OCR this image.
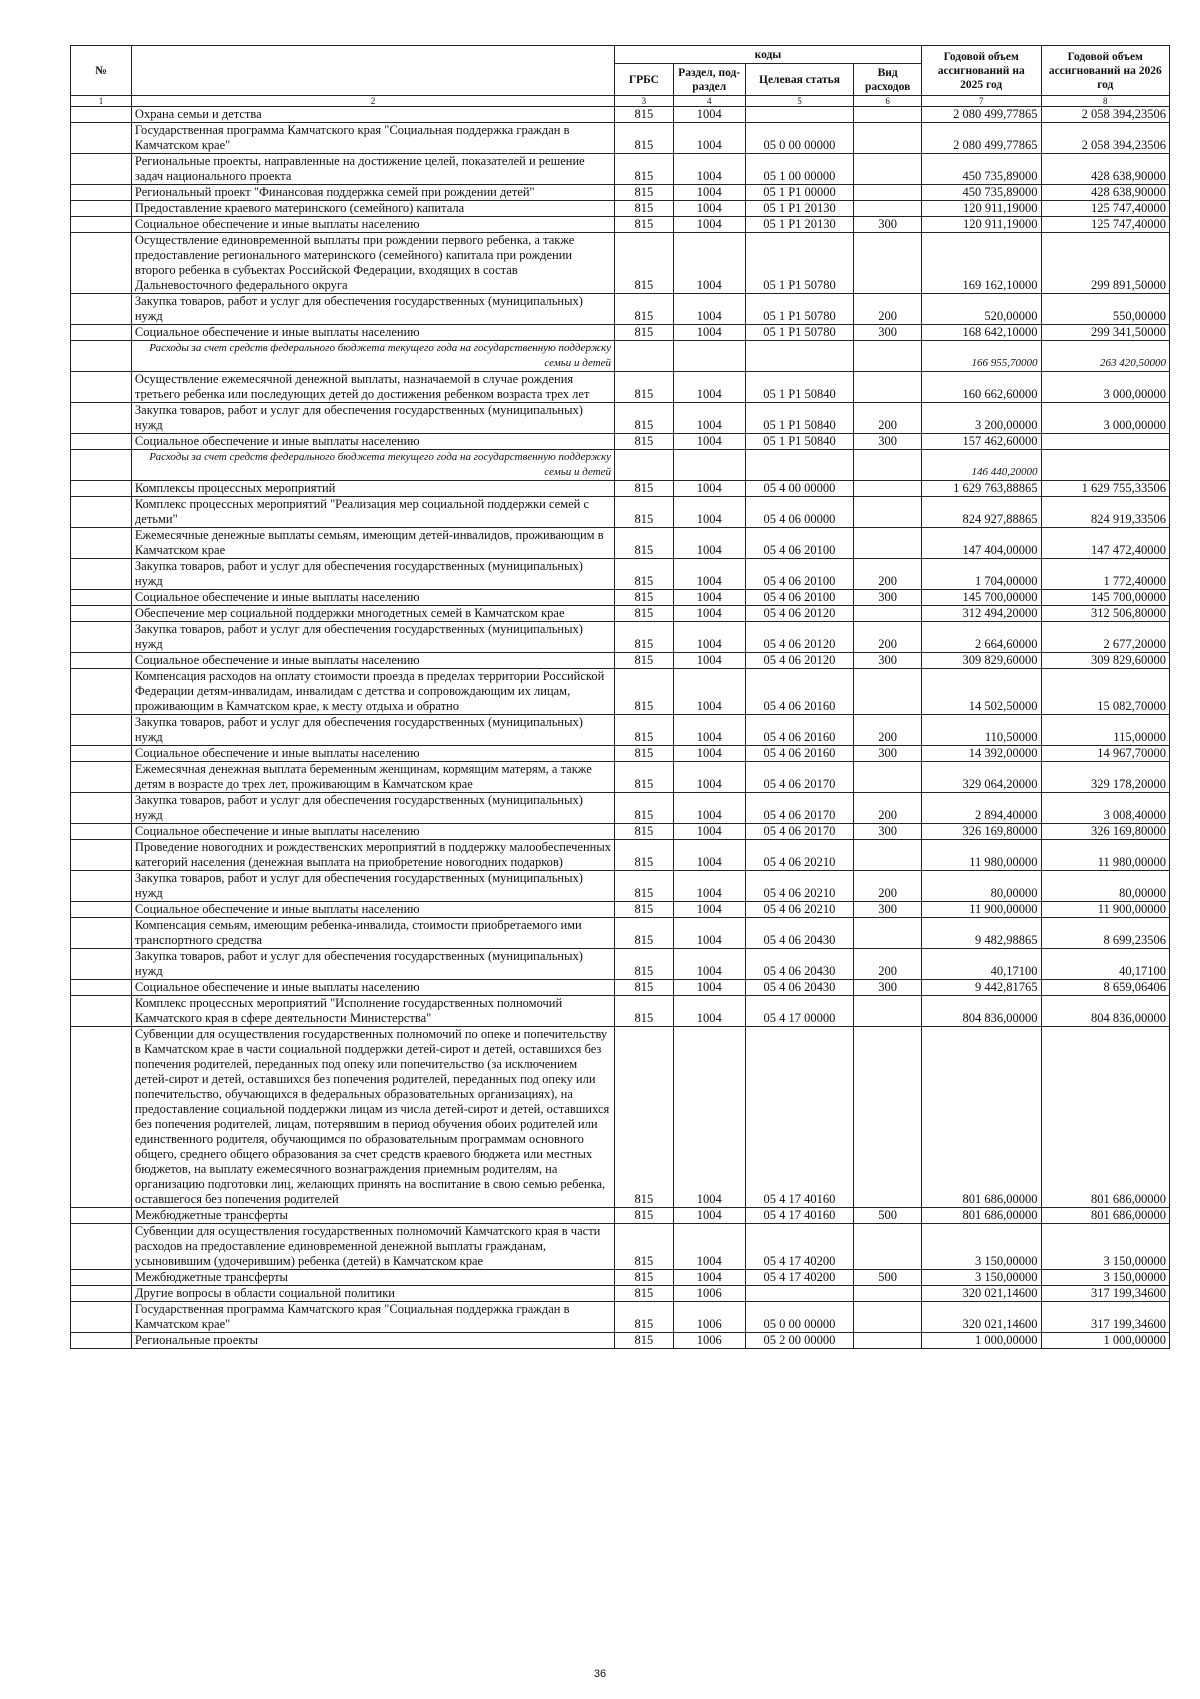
№		коды				Годовой объем ассигнований на 2025 год	Годовой объем ассигнований на 2026 год
		ГРБС	Раздел, под-раздел	Целевая статья	Вид расходов		
1	2	3	4	5	6	7	8
	Охрана семьи и детства	815	1004			2 080 499,77865	2 058 394,23506
	Государственная программа Камчатского края "Социальная поддержка граждан в Камчатском крае"	815	1004	05 0 00 00000		2 080 499,77865	2 058 394,23506
	Региональные проекты, направленные на достижение целей, показателей и решение задач национального проекта	815	1004	05 1 00 00000		450 735,89000	428 638,90000
	Региональный проект "Финансовая поддержка семей при рождении детей"	815	1004	05 1 Р1 00000		450 735,89000	428 638,90000
	Предоставление краевого материнского (семейного) капитала	815	1004	05 1 Р1 20130		120 911,19000	125 747,40000
	Социальное обеспечение и иные выплаты населению	815	1004	05 1 Р1 20130	300	120 911,19000	125 747,40000
	Осуществление единовременной выплаты при рождении первого ребенка, а также предоставление регионального материнского (семейного) капитала при рождении второго ребенка в субъектах Российской Федерации, входящих в состав Дальневосточного федерального округа	815	1004	05 1 Р1 50780		169 162,10000	299 891,50000
	Закупка товаров, работ и услуг для обеспечения государственных (муниципальных) нужд	815	1004	05 1 Р1 50780	200	520,00000	550,00000
	Социальное обеспечение и иные выплаты населению	815	1004	05 1 Р1 50780	300	168 642,10000	299 341,50000
	Расходы за счет средств федерального бюджета текущего года на государственную поддержку семьи и детей					166 955,70000	263 420,50000
	Осуществление ежемесячной денежной выплаты, назначаемой в случае рождения третьего ребенка или последующих детей до достижения ребенком возраста трех лет	815	1004	05 1 Р1 50840		160 662,60000	3 000,00000
	Закупка товаров, работ и услуг для обеспечения государственных (муниципальных) нужд	815	1004	05 1 Р1 50840	200	3 200,00000	3 000,00000
	Социальное обеспечение и иные выплаты населению	815	1004	05 1 Р1 50840	300	157 462,60000	
	Расходы за счет средств федерального бюджета текущего года на государственную поддержку семьи и детей					146 440,20000	
	Комплексы процессных мероприятий	815	1004	05 4 00 00000		1 629 763,88865	1 629 755,33506
	Комплекс процессных мероприятий "Реализация мер социальной поддержки семей с детьми"	815	1004	05 4 06 00000		824 927,88865	824 919,33506
	Ежемесячные денежные выплаты семьям, имеющим детей-инвалидов, проживающим в Камчатском крае	815	1004	05 4 06 20100		147 404,00000	147 472,40000
	Закупка товаров, работ и услуг для обеспечения государственных (муниципальных) нужд	815	1004	05 4 06 20100	200	1 704,00000	1 772,40000
	Социальное обеспечение и иные выплаты населению	815	1004	05 4 06 20100	300	145 700,00000	145 700,00000
	Обеспечение мер социальной поддержки многодетных семей в Камчатском крае	815	1004	05 4 06 20120		312 494,20000	312 506,80000
	Закупка товаров, работ и услуг для обеспечения государственных (муниципальных) нужд	815	1004	05 4 06 20120	200	2 664,60000	2 677,20000
	Социальное обеспечение и иные выплаты населению	815	1004	05 4 06 20120	300	309 829,60000	309 829,60000
	Компенсация расходов на оплату стоимости проезда в пределах территории Российской Федерации детям-инвалидам, инвалидам с детства и сопровождающим их лицам, проживающим в Камчатском крае, к месту отдыха и обратно	815	1004	05 4 06 20160		14 502,50000	15 082,70000
	Закупка товаров, работ и услуг для обеспечения государственных (муниципальных) нужд	815	1004	05 4 06 20160	200	110,50000	115,00000
	Социальное обеспечение и иные выплаты населению	815	1004	05 4 06 20160	300	14 392,00000	14 967,70000
	Ежемесячная денежная выплата беременным женщинам, кормящим матерям, а также детям в возрасте до трех лет, проживающим в Камчатском крае	815	1004	05 4 06 20170		329 064,20000	329 178,20000
	Закупка товаров, работ и услуг для обеспечения государственных (муниципальных) нужд	815	1004	05 4 06 20170	200	2 894,40000	3 008,40000
	Социальное обеспечение и иные выплаты населению	815	1004	05 4 06 20170	300	326 169,80000	326 169,80000
	Проведение новогодних и рождественских мероприятий в поддержку малообеспеченных категорий населения (денежная выплата на приобретение новогодних подарков)	815	1004	05 4 06 20210		11 980,00000	11 980,00000
	Закупка товаров, работ и услуг для обеспечения государственных (муниципальных) нужд	815	1004	05 4 06 20210	200	80,00000	80,00000
	Социальное обеспечение и иные выплаты населению	815	1004	05 4 06 20210	300	11 900,00000	11 900,00000
	Компенсация семьям, имеющим ребенка-инвалида, стоимости приобретаемого ими транспортного средства	815	1004	05 4 06 20430		9 482,98865	8 699,23506
	Закупка товаров, работ и услуг для обеспечения государственных (муниципальных) нужд	815	1004	05 4 06 20430	200	40,17100	40,17100
	Социальное обеспечение и иные выплаты населению	815	1004	05 4 06 20430	300	9 442,81765	8 659,06406
	Комплекс процессных мероприятий "Исполнение государственных полномочий Камчатского края в сфере деятельности Министерства"	815	1004	05 4 17 00000		804 836,00000	804 836,00000
	Субвенции для осуществления государственных полномочий по опеке и попечительству в Камчатском крае в части социальной поддержки детей-сирот и детей, оставшихся без попечения родителей, переданных под опеку или попечительство (за исключением детей-сирот и детей, оставшихся без попечения родителей, переданных под опеку или попечительство, обучающихся в федеральных образовательных организациях), на предоставление социальной поддержки лицам из числа детей-сирот и детей, оставшихся без попечения родителей, лицам, потерявшим в период обучения обоих родителей или единственного родителя, обучающимся по образовательным программам основного общего, среднего общего образования за счет средств краевого бюджета или местных бюджетов, на выплату ежемесячного вознаграждения приемным родителям, на организацию подготовки лиц, желающих принять на воспитание в свою семью ребенка, оставшегося без попечения родителей	815	1004	05 4 17 40160		801 686,00000	801 686,00000
	Межбюджетные трансферты	815	1004	05 4 17 40160	500	801 686,00000	801 686,00000
	Субвенции для осуществления государственных полномочий Камчатского края в части расходов на предоставление единовременной денежной выплаты гражданам, усыновившим (удочерившим) ребенка (детей) в Камчатском крае	815	1004	05 4 17 40200		3 150,00000	3 150,00000
	Межбюджетные трансферты	815	1004	05 4 17 40200	500	3 150,00000	3 150,00000
	Другие вопросы в области социальной политики	815	1006			320 021,14600	317 199,34600
	Государственная программа Камчатского края "Социальная поддержка граждан в Камчатском крае"	815	1006	05 0 00 00000		320 021,14600	317 199,34600
	Региональные проекты	815	1006	05 2 00 00000		1 000,00000	1 000,00000
36
